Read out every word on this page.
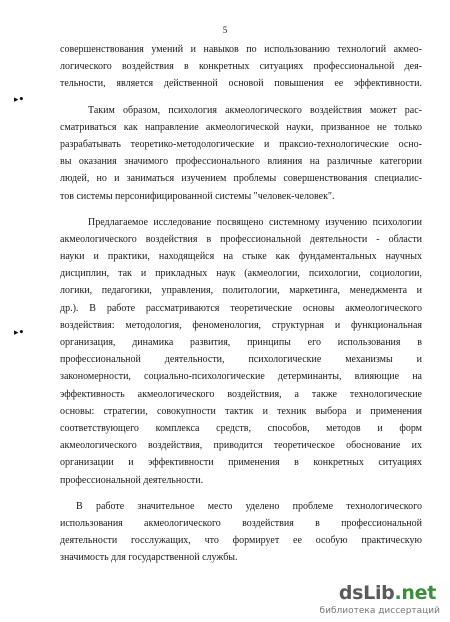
5
▸•
▸•
совершенствования умений и навыков по использованию технологий акмео-
логического воздействия в конкретных ситуациях профессиональной дея-
тельности, является действенной основой повышения ее эффективности.
Таким образом, психология акмеологического воздействия может рас-
сматриваться как направление акмеологической науки, призванное не только
разрабатывать теоретико-методологические и праксио-технологические осно-
вы оказания значимого профессионального влияния на различные категории
людей, но и заниматься изучением проблемы совершенствования специалис-
тов системы персонифицированной системы "человек-человек".
Предлагаемое исследование посвящено системному изучению психологии
акмеологического воздействия в профессиональной деятельности - области
науки и практики, находящейся на стыке как фундаментальных научных
дисциплин, так и прикладных наук (акмеологии, психологии, социологии,
логики, педагогики, управления, политологии, маркетинга, менеджмента и
др.). В работе рассматриваются теоретические основы акмеологического
воздействия: методология, феноменология, структурная и функциональная
организация, динамика развития, принципы его использования в
профессиональной деятельности, психологические механизмы и
закономерности, социально-психологические детерминанты, влияющие на
эффективность акмеологического воздействия, а также технологические
основы: стратегии, совокупности тактик и техник выбора и применения
соответствующего комплекса средств, способов, методов и форм
акмеологического воздействия, приводится теоретическое обоснование их
организации и эффективности применения в конкретных ситуациях
профессиональной деятельности.
В работе значительное место уделено проблеме технологического
использования акмеологического воздействия в профессиональной
деятельности госслужащих, что формирует ее особую практическую
значимость для государственной службы.
dsLib.net
библиотека диссертаций
